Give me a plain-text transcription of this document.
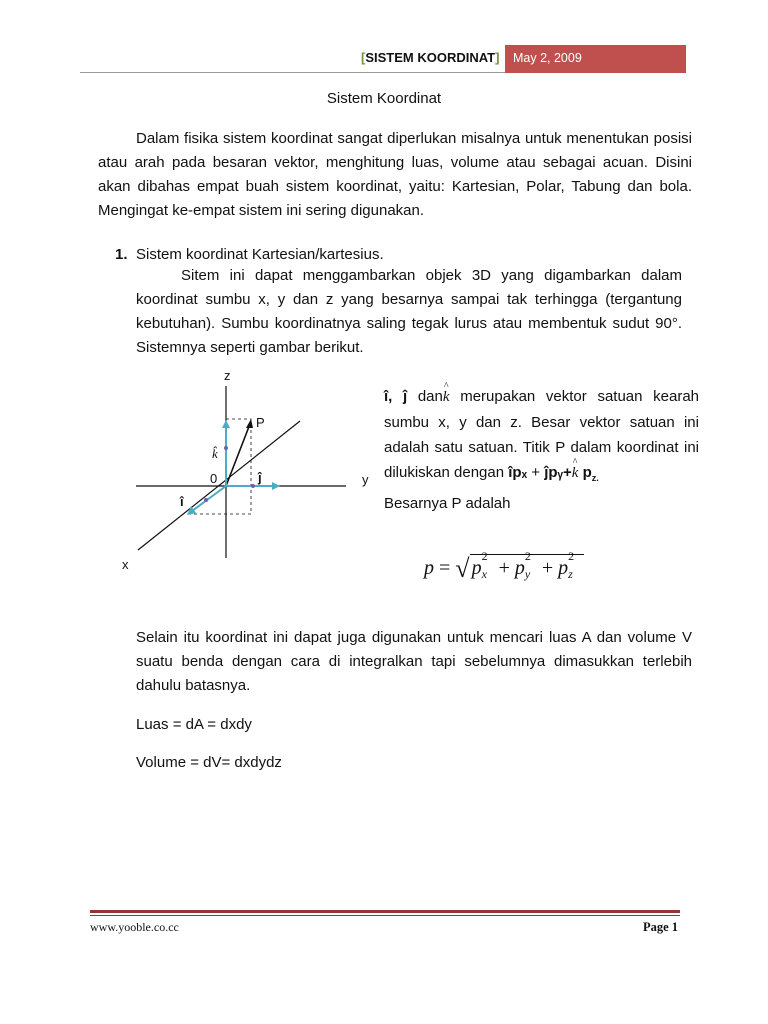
[SISTEM KOORDINAT]	May 2, 2009
Sistem Koordinat

Dalam fisika sistem koordinat sangat diperlukan misalnya untuk menentukan posisi atau arah pada besaran vektor, menghitung luas, volume atau sebagai acuan. Disini akan dibahas empat buah sistem koordinat, yaitu: Kartesian, Polar, Tabung dan bola. Mengingat ke-empat sistem ini sering digunakan.

1. Sistem koordinat Kartesian/kartesius.

Sitem ini dapat menggambarkan objek 3D yang digambarkan dalam koordinat sumbu x, y dan z yang besarnya sampai tak terhingga (tergantung kebutuhan). Sumbu koordinatnya saling tegak lurus atau membentuk sudut 90°. Sistemnya seperti gambar berikut.

z
y
x
P
0	ĵ
î
k̂

î, ĵ dan^ k merupakan vektor satuan kearah sumbu x, y dan z. Besar vektor satuan ini adalah satu satuan. Titik P dalam koordinat ini dilukiskan dengan îpₓ + ĵpᵧ+^ k $p_{z.}$
Besarnya P adalah

p = √ p
2
x + p
2
y + p
2
z

Selain itu koordinat ini dapat juga digunakan untuk mencari luas A dan volume V suatu benda dengan cara di integralkan tapi sebelumnya dimasukkan terlebih dahulu batasnya.

Luas = dA = dxdy
Volume = dV= dxdydz
www.yooble.co.cc	Page 1
